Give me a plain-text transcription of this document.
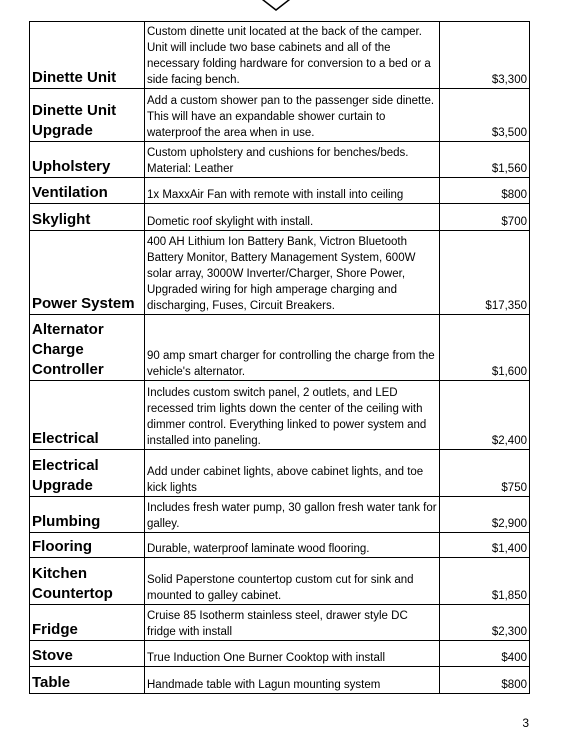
Dinette Unit	Custom dinette unit located at the back of the camper. Unit will include two base cabinets and all of the necessary folding hardware for conversion to a bed or a side facing bench.	$3,300
Dinette Unit Upgrade	Add a custom shower pan to the passenger side dinette. This will have an expandable shower curtain to waterproof the area when in use.	$3,500
Upholstery	Custom upholstery and cushions for benches/beds. Material: Leather	$1,560
Ventilation	1x MaxxAir Fan with remote with install into ceiling	$800
Skylight	Dometic roof skylight with install.	$700
Power System	400 AH Lithium Ion Battery Bank, Victron Bluetooth Battery Monitor, Battery Management System, 600W solar array, 3000W Inverter/Charger, Shore Power, Upgraded wiring for high amperage charging and discharging, Fuses, Circuit Breakers.	$17,350
Alternator Charge Controller	90 amp smart charger for controlling the charge from the vehicle's alternator.	$1,600
Electrical	Includes custom switch panel, 2 outlets, and LED recessed trim lights down the center of the ceiling with dimmer control. Everything linked to power system and installed into paneling.	$2,400
Electrical Upgrade	Add under cabinet lights, above cabinet lights, and toe kick lights	$750
Plumbing	Includes fresh water pump, 30 gallon fresh water tank for galley.	$2,900
Flooring	Durable, waterproof laminate wood flooring.	$1,400
Kitchen Countertop	Solid Paperstone countertop custom cut for sink and mounted to galley cabinet.	$1,850
Fridge	Cruise 85 Isotherm stainless steel, drawer style DC fridge with install	$2,300
Stove	True Induction One Burner Cooktop with install	$400
Table	Handmade table with Lagun mounting system	$800
3
